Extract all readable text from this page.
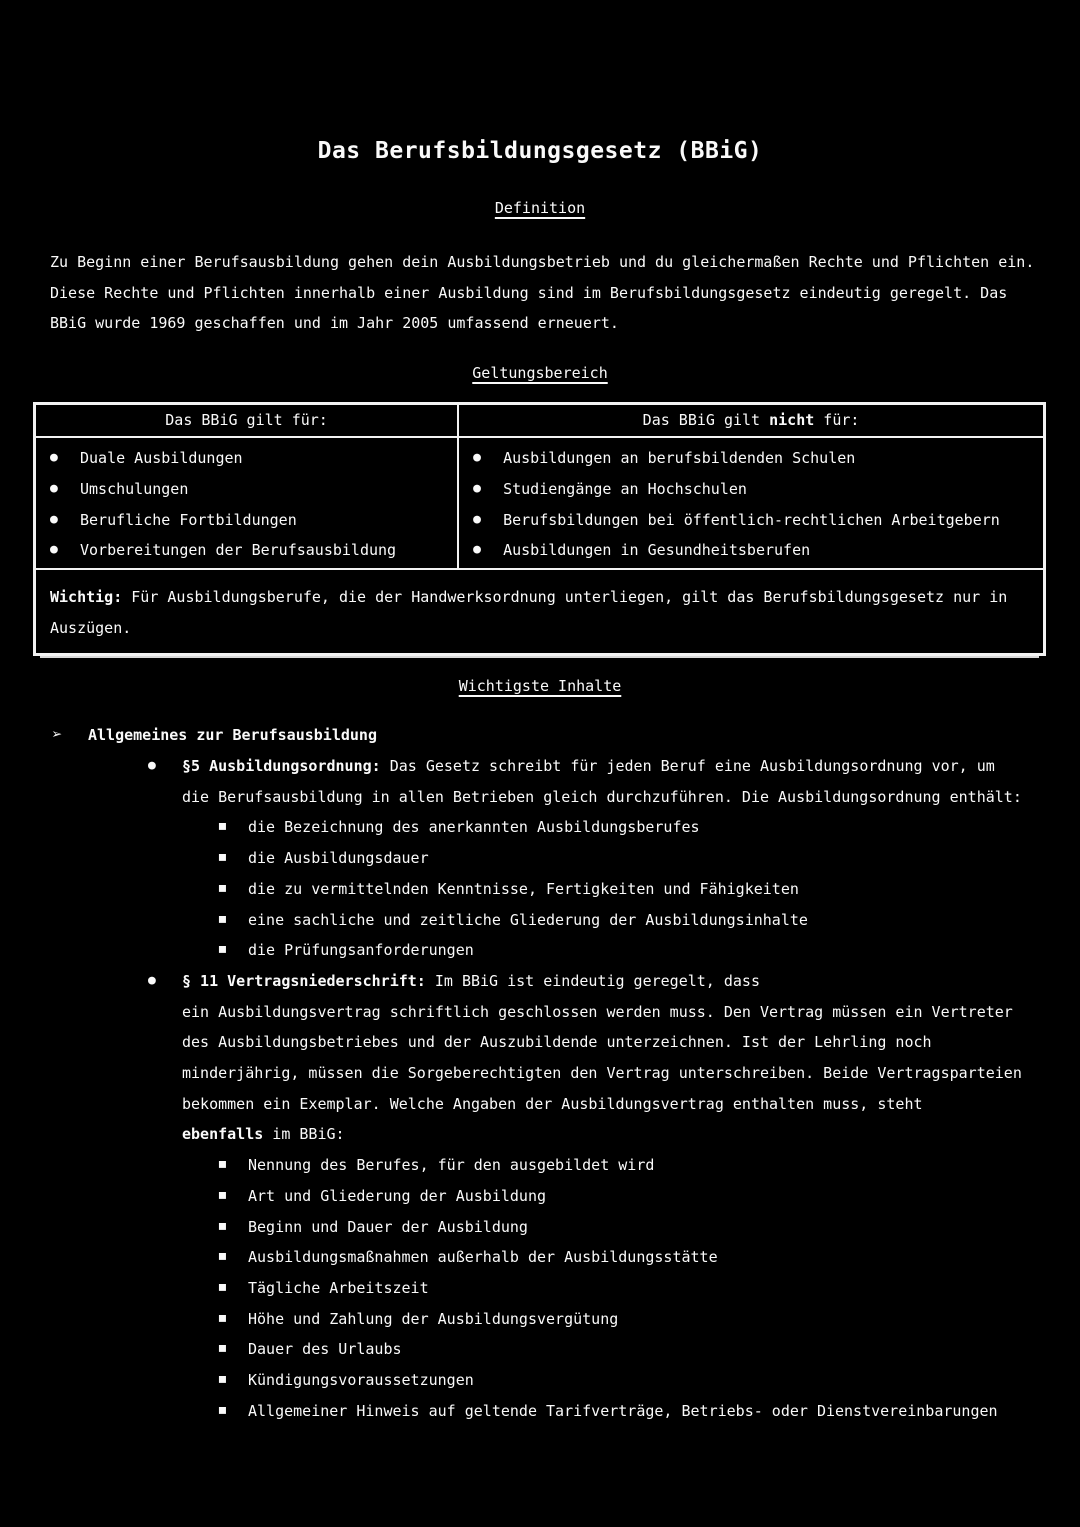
Das Berufsbildungsgesetz (BBiG)
Definition
Zu Beginn einer Berufsausbildung gehen dein Ausbildungsbetrieb und du gleichermaßen Rechte und Pflichten ein.
Diese Rechte und Pflichten innerhalb einer Ausbildung sind im Berufsbildungsgesetz eindeutig geregelt. Das
BBiG wurde 1969 geschaffen und im Jahr 2005 umfassend erneuert.
Geltungsbereich
Das BBiG gilt für:	Das BBiG gilt nicht für:

● Duale Ausbildungen
● Umschulungen
● Berufliche Fortbildungen
● Vorbereitungen der Berufsausbildung

● Ausbildungen an berufsbildenden Schulen
● Studiengänge an Hochschulen
● Berufsbildungen bei öffentlich-rechtlichen Arbeitgebern
● Ausbildungen in Gesundheitsberufen

Wichtig: Für Ausbildungsberufe, die der Handwerksordnung unterliegen, gilt das Berufsbildungsgesetz nur in
Auszügen.	
Wichtigste Inhalte
➢ Allgemeines zur Berufsausbildung
● §5 Ausbildungsordnung: Das Gesetz schreibt für jeden Beruf eine Ausbildungsordnung vor, um
die Berufsausbildung in allen Betrieben gleich durchzuführen. Die Ausbildungsordnung enthält:
▪ die Bezeichnung des anerkannten Ausbildungsberufes
▪ die Ausbildungsdauer
▪ die zu vermittelnden Kenntnisse, Fertigkeiten und Fähigkeiten
▪ eine sachliche und zeitliche Gliederung der Ausbildungsinhalte
▪ die Prüfungsanforderungen
● § 11 Vertragsniederschrift: Im BBiG ist eindeutig geregelt, dass
ein Ausbildungsvertrag schriftlich geschlossen werden muss. Den Vertrag müssen ein Vertreter
des Ausbildungsbetriebes und der Auszubildende unterzeichnen. Ist der Lehrling noch
minderjährig, müssen die Sorgeberechtigten den Vertrag unterschreiben. Beide Vertragsparteien
bekommen ein Exemplar. Welche Angaben der Ausbildungsvertrag enthalten muss, steht
ebenfalls im BBiG:
▪ Nennung des Berufes, für den ausgebildet wird
▪ Art und Gliederung der Ausbildung
▪ Beginn und Dauer der Ausbildung
▪ Ausbildungsmaßnahmen außerhalb der Ausbildungsstätte
▪ Tägliche Arbeitszeit
▪ Höhe und Zahlung der Ausbildungsvergütung
▪ Dauer des Urlaubs
▪ Kündigungsvoraussetzungen
▪ Allgemeiner Hinweis auf geltende Tarifverträge, Betriebs- oder Dienstvereinbarungen
